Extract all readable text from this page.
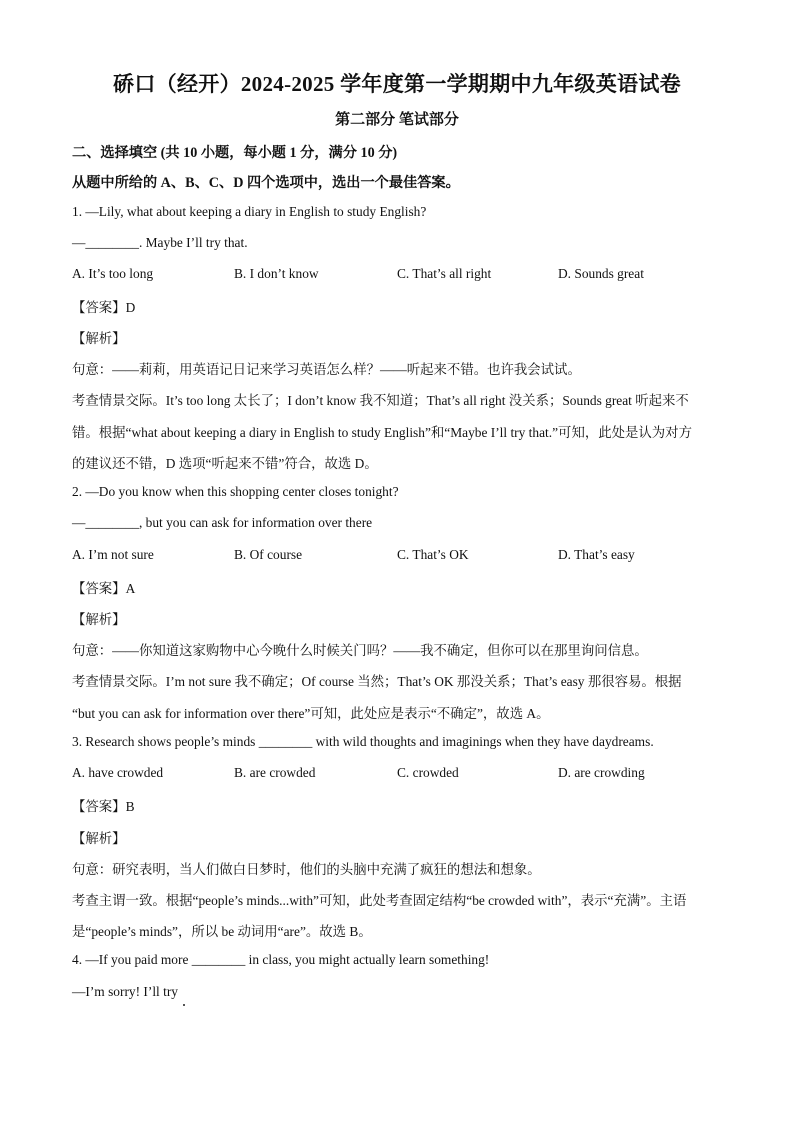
硚口（经开）2024-2025 学年度第一学期期中九年级英语试卷
第二部分 笔试部分
二、选择填空 (共 10 小题，每小题 1 分，满分 10 分)
从题中所给的 A、B、C、D 四个选项中，选出一个最佳答案。
1. —Lily, what about keeping a diary in English to study English?
—________. Maybe I’ll try that.
A. It’s too long	B. I don’t know	C. That’s all right	D. Sounds great
【答案】D
【解析】
句意：——莉莉，用英语记日记来学习英语怎么样？——听起来不错。也许我会试试。
考查情景交际。It’s too long 太长了；I don’t know 我不知道；That’s all right 没关系；Sounds great 听起来不
错。根据“what about keeping a diary in English to study English”和“Maybe I’ll try that.”可知，此处是认为对方
的建议还不错，D 选项“听起来不错”符合，故选 D。
2. —Do you know when this shopping center closes tonight?
—________, but you can ask for information over there
A. I’m not sure	B. Of course	C. That’s OK	D. That’s easy
【答案】A
【解析】
句意：——你知道这家购物中心今晚什么时候关门吗？——我不确定，但你可以在那里询问信息。
考查情景交际。I’m not sure 我不确定；Of course 当然；That’s OK 那没关系；That’s easy 那很容易。根据
“but you can ask for information over there”可知，此处应是表示“不确定”，故选 A。
3. Research shows people’s minds ________ with wild thoughts and imaginings when they have daydreams.
A. have crowded	B. are crowded	C. crowded	D. are crowding
【答案】B
【解析】
句意：研究表明，当人们做白日梦时，他们的头脑中充满了疯狂的想法和想象。
考查主谓一致。根据“people’s minds...with”可知，此处考查固定结构“be crowded with”，表示“充满”。主语
是“people’s minds”，所以 be 动词用“are”。故选 B。
4. —If you paid more ________ in class, you might actually learn something!
—I’m sorry! I’ll try
